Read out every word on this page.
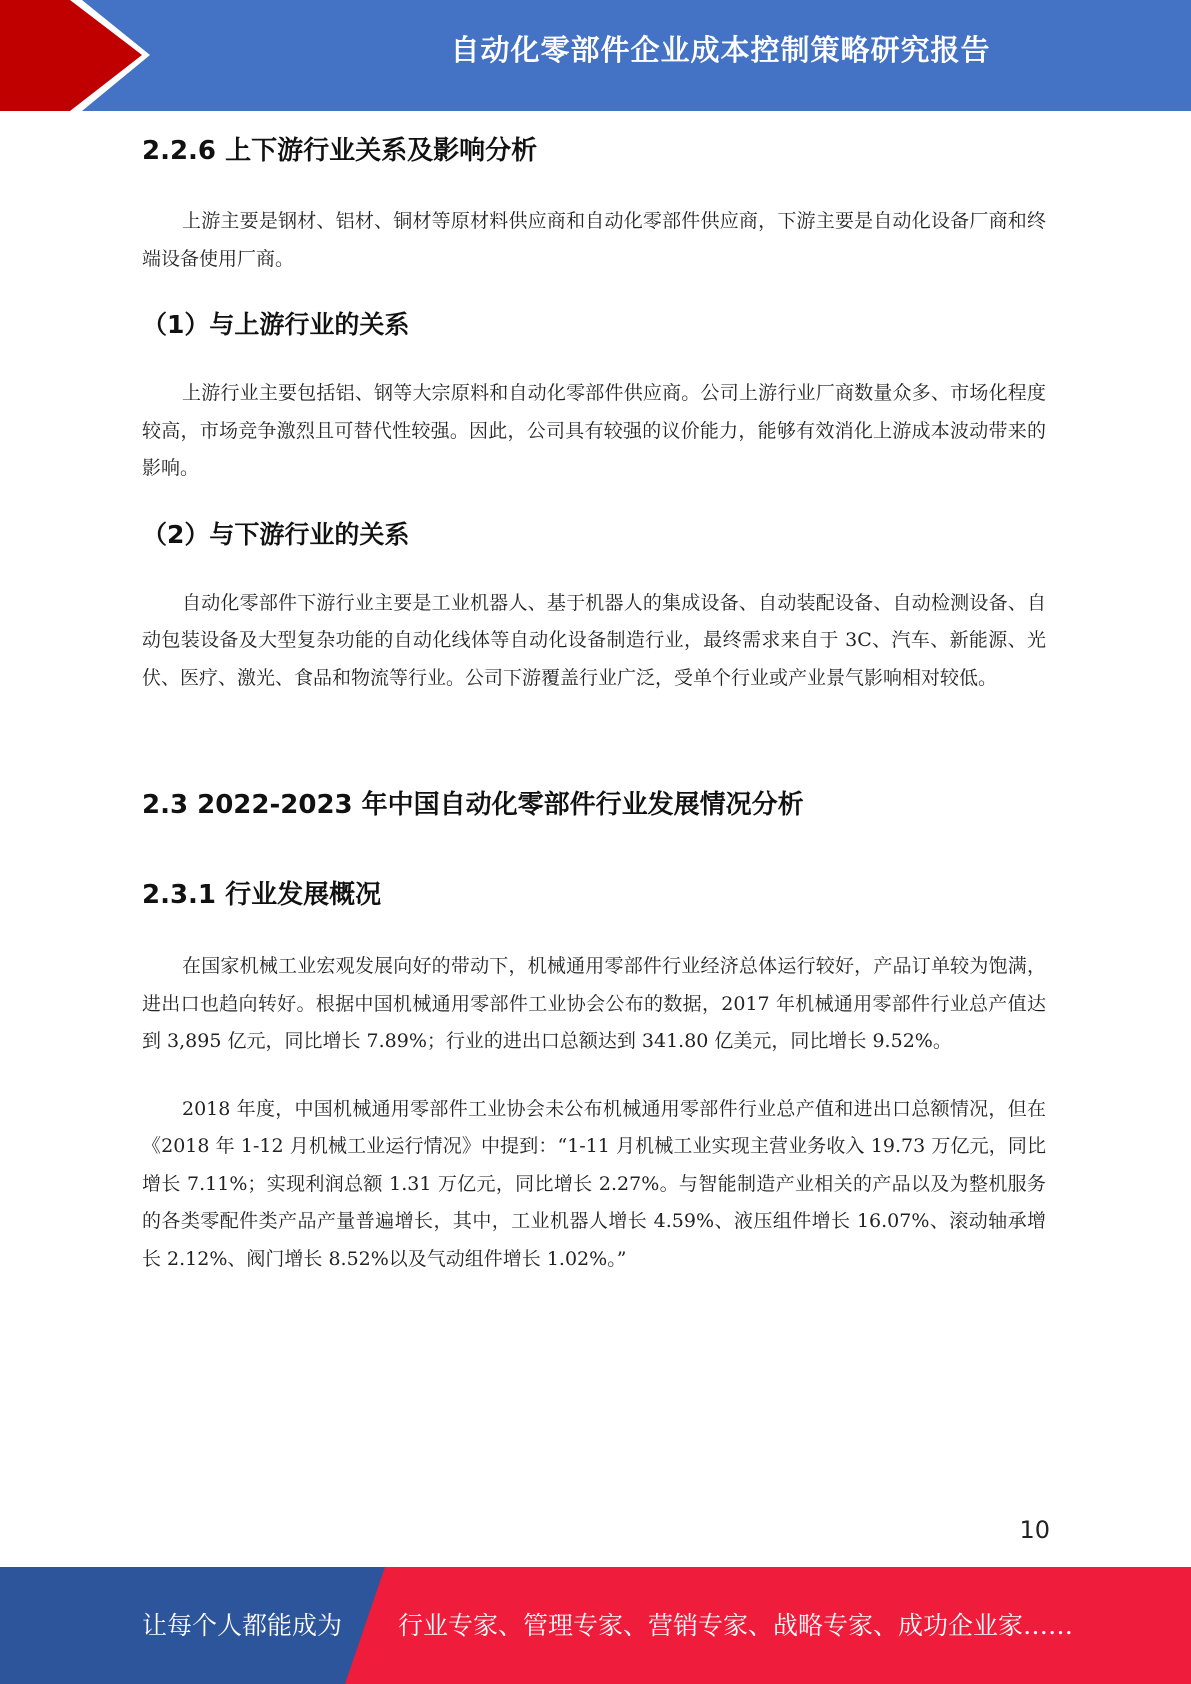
自动化零部件企业成本控制策略研究报告
2.2.6 上下游行业关系及影响分析

上游主要是钢材、铝材、铜材等原材料供应商和自动化零部件供应商，下游主要是自动化设备厂商和终端设备使用厂商。

（1）与上游行业的关系

上游行业主要包括铝、钢等大宗原料和自动化零部件供应商。公司上游行业厂商数量众多、市场化程度较高，市场竞争激烈且可替代性较强。因此，公司具有较强的议价能力，能够有效消化上游成本波动带来的影响。

（2）与下游行业的关系

自动化零部件下游行业主要是工业机器人、基于机器人的集成设备、自动装配设备、自动检测设备、自动包装设备及大型复杂功能的自动化线体等自动化设备制造行业，最终需求来自于 3C、汽车、新能源、光伏、医疗、激光、食品和物流等行业。公司下游覆盖行业广泛，受单个行业或产业景气影响相对较低。

2.3 2022-2023 年中国自动化零部件行业发展情况分析
2.3.1 行业发展概况

在国家机械工业宏观发展向好的带动下，机械通用零部件行业经济总体运行较好，产品订单较为饱满，进出口也趋向转好。根据中国机械通用零部件工业协会公布的数据，2017 年机械通用零部件行业总产值达到 3,895 亿元，同比增长 7.89%；行业的进出口总额达到 341.80 亿美元，同比增长 9.52%。

2018 年度，中国机械通用零部件工业协会未公布机械通用零部件行业总产值和进出口总额情况，但在《2018 年 1-12 月机械工业运行情况》中提到：“1-11 月机械工业实现主营业务收入 19.73 万亿元，同比增长 7.11%；实现利润总额 1.31 万亿元，同比增长 2.27%。与智能制造产业相关的产品以及为整机服务的各类零配件类产品产量普遍增长，其中，工业机器人增长 4.59%、液压组件增长 16.07%、滚动轴承增长 2.12%、阀门增长 8.52%以及气动组件增长 1.02%。”

10
让每个人都能成为 行业专家、管理专家、营销专家、战略专家、成功企业家……
